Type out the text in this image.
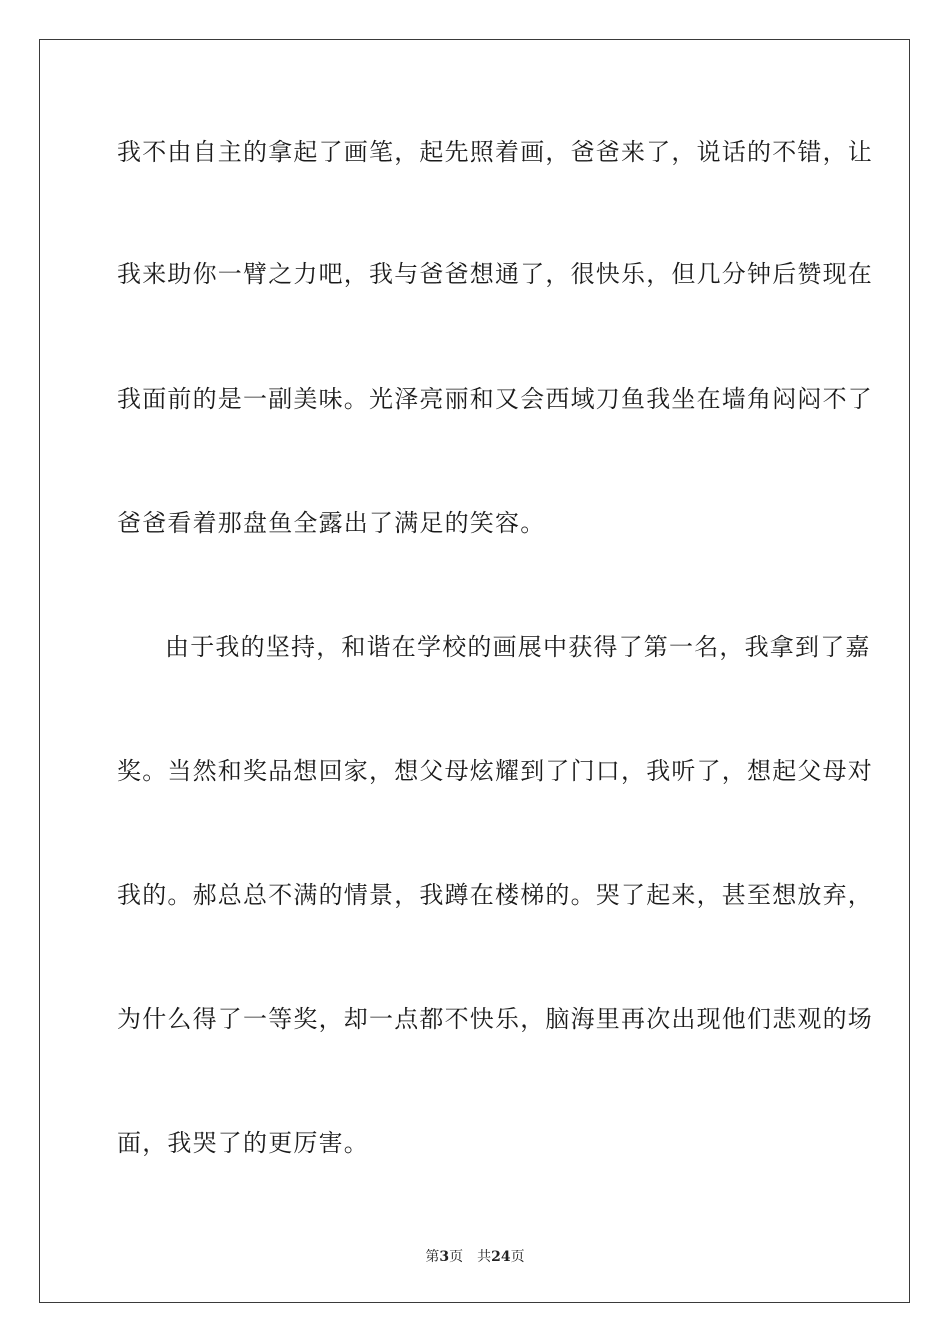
我不由自主的拿起了画笔，起先照着画，爸爸来了，说话的不错，让
我来助你一臂之力吧，我与爸爸想通了，很快乐，但几分钟后赞现在
我面前的是一副美味。光泽亮丽和又会西域刀鱼我坐在墙角闷闷不了
爸爸看着那盘鱼全露出了满足的笑容。
由于我的坚持，和谐在学校的画展中获得了第一名，我拿到了嘉
奖。当然和奖品想回家，想父母炫耀到了门口，我听了，想起父母对
我的。郝总总不满的情景，我蹲在楼梯的。哭了起来，甚至想放弃，
为什么得了一等奖，却一点都不快乐，脑海里再次出现他们悲观的场
面，我哭了的更厉害。
第3页 共24页
